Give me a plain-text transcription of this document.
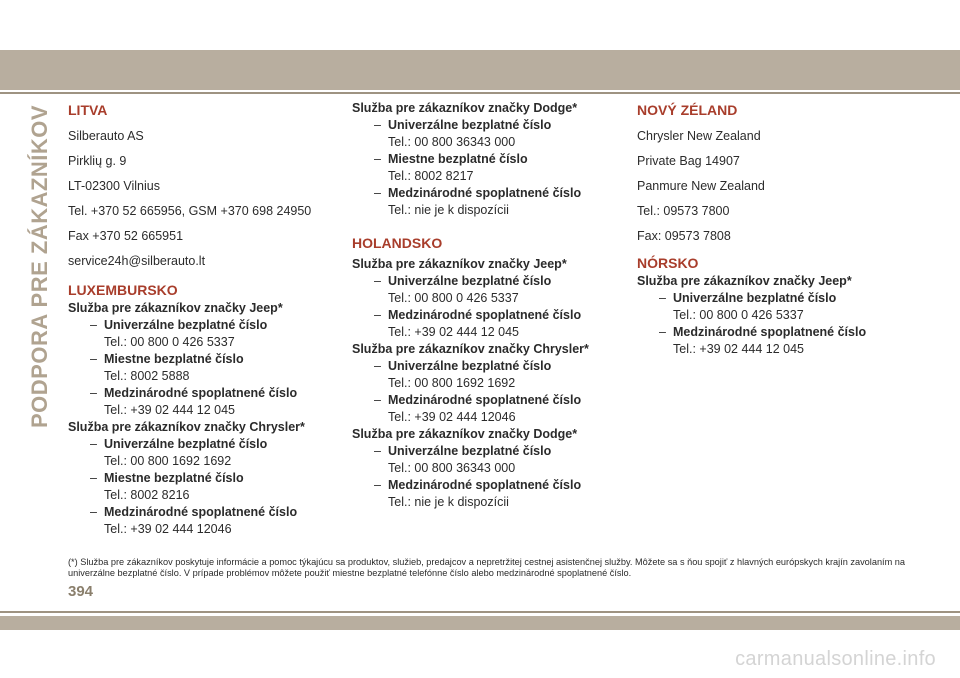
PODPORA PRE ZÁKAZNÍKOV	LITVA

Silberauto AS

Pirklių g. 9

LT-02300 Vilnius

Tel. +370 52 665956, GSM +370 698 24950

Fax +370 52 665951

service24h@silberauto.lt

LUXEMBURSKO

Služba pre zákazníkov značky Jeep*

– Univerzálne bezplatné číslo
Tel.: 00 800 0 426 5337
– Miestne bezplatné číslo
Tel.: 8002 5888
– Medzinárodné spoplatnené číslo
Tel.: +39 02 444 12 045

Služba pre zákazníkov značky Chrysler*

– Univerzálne bezplatné číslo
Tel.: 00 800 1692 1692
– Miestne bezplatné číslo
Tel.: 8002 8216
– Medzinárodné spoplatnené číslo
Tel.: +39 02 444 12046

Služba pre zákazníkov značky Dodge*

– Univerzálne bezplatné číslo
Tel.: 00 800 36343 000
– Miestne bezplatné číslo
Tel.: 8002 8217
– Medzinárodné spoplatnené číslo
Tel.: nie je k dispozícii

HOLANDSKO

Služba pre zákazníkov značky Jeep*

– Univerzálne bezplatné číslo
Tel.: 00 800 0 426 5337
– Medzinárodné spoplatnené číslo
Tel.: +39 02 444 12 045

Služba pre zákazníkov značky Chrysler*

– Univerzálne bezplatné číslo
Tel.: 00 800 1692 1692
– Medzinárodné spoplatnené číslo
Tel.: +39 02 444 12046

Služba pre zákazníkov značky Dodge*

– Univerzálne bezplatné číslo
Tel.: 00 800 36343 000
– Medzinárodné spoplatnené číslo
Tel.: nie je k dispozícii

NOVÝ ZÉLAND

Chrysler New Zealand

Private Bag 14907

Panmure New Zealand

Tel.: 09573 7800

Fax: 09573 7808

NÓRSKO

Služba pre zákazníkov značky Jeep*

– Univerzálne bezplatné číslo
Tel.: 00 800 0 426 5337
– Medzinárodné spoplatnené číslo
Tel.: +39 02 444 12 045
(*) Služba pre zákazníkov poskytuje informácie a pomoc týkajúcu sa produktov, služieb, predajcov a nepretržitej cestnej asistenčnej služby. Môžete sa s ňou spojiť z hlavných európskych krajín zavolaním na univerzálne bezplatné číslo. V prípade problémov môžete použiť miestne bezplatné telefónne číslo alebo medzinárodné spoplatnené číslo.
394
carmanualsonline.info
